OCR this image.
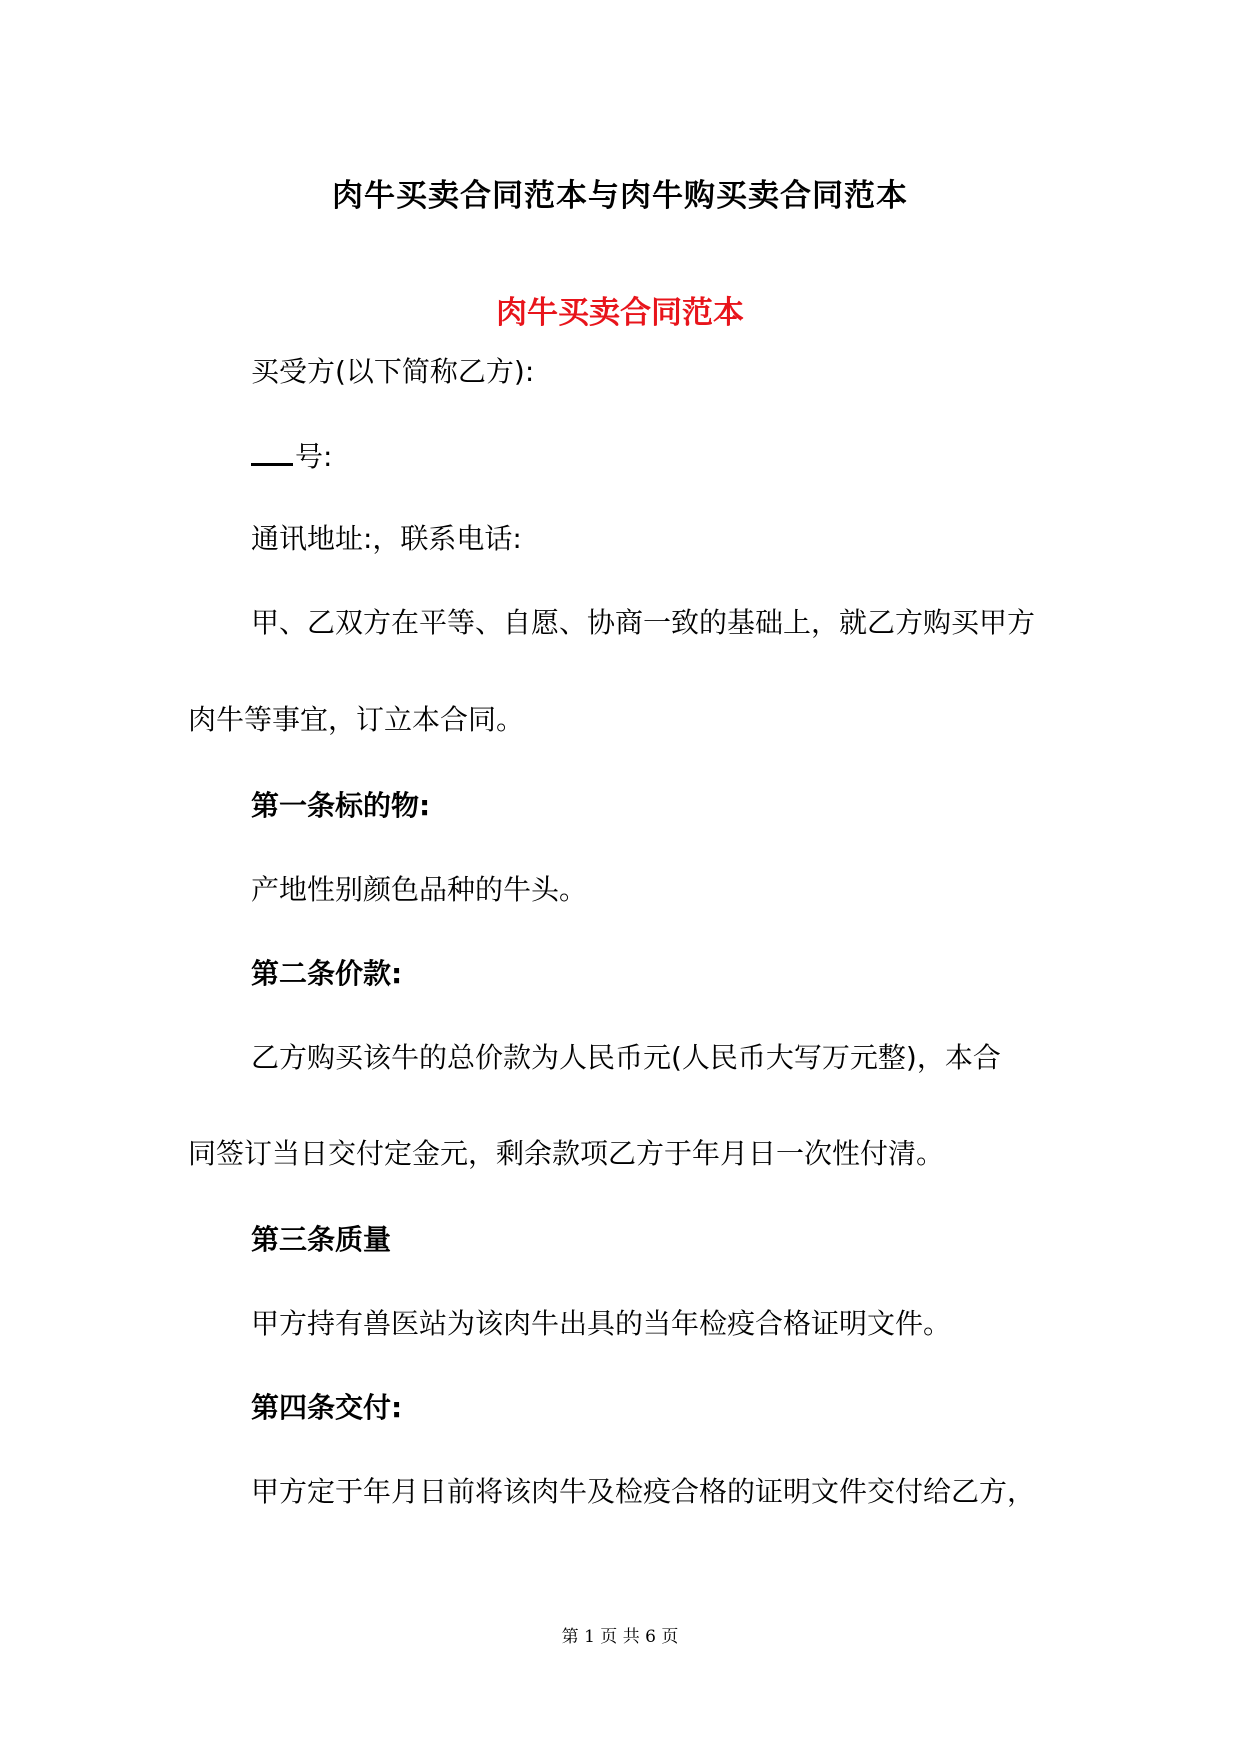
肉牛买卖合同范本与肉牛购买卖合同范本
肉牛买卖合同范本

买受方(以下简称乙方):

号:

通讯地址:，联系电话:

甲、乙双方在平等、自愿、协商一致的基础上，就乙方购买甲方

肉牛等事宜，订立本合同。

第一条标的物:

产地性别颜色品种的牛头。

第二条价款:

乙方购买该牛的总价款为人民币元(人民币大写万元整)，本合

同签订当日交付定金元，剩余款项乙方于年月日一次性付清。

第三条质量

甲方持有兽医站为该肉牛出具的当年检疫合格证明文件。

第四条交付:

甲方定于年月日前将该肉牛及检疫合格的证明文件交付给乙方，

第 1 页 共 6 页
